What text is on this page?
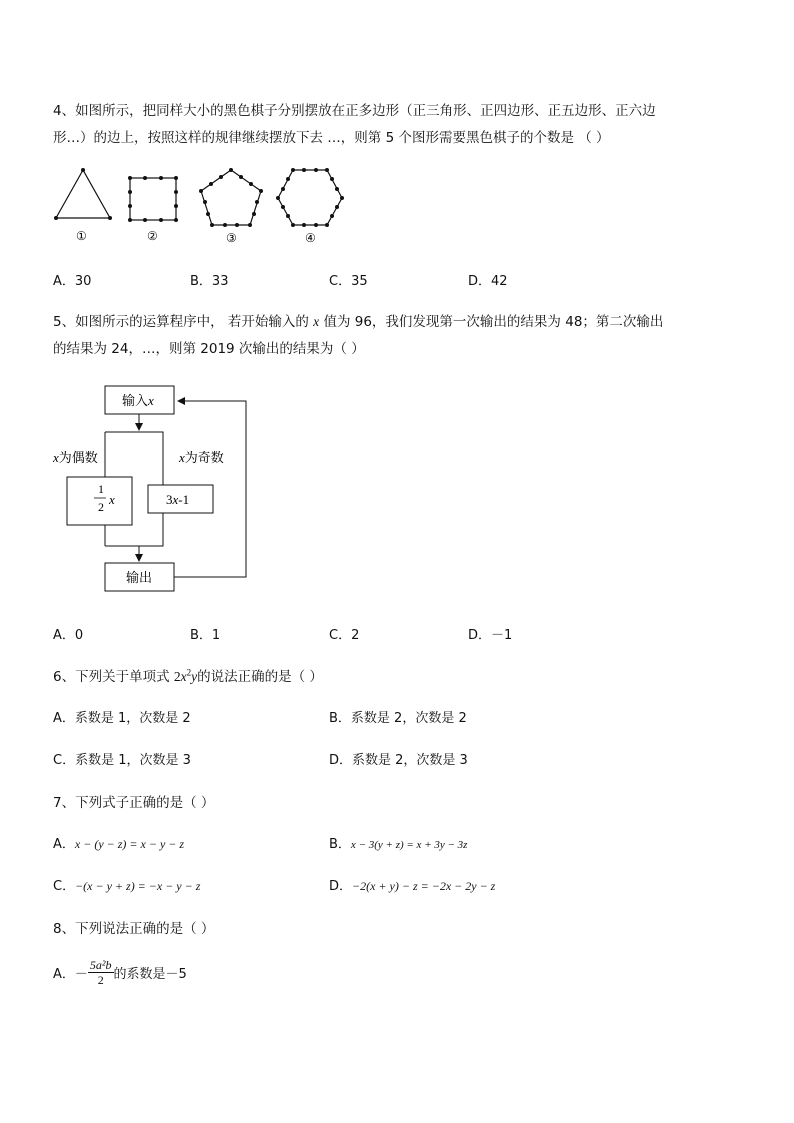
4、如图所示，把同样大小的黑色棋子分别摆放在正多边形（正三角形、正四边形、正五边形、正六边
形…）的边上，按照这样的规律继续摆放下去 …，则第 5 个图形需要黑色棋子的个数是 （ ）
①	②	③	④
A．30	B．33	C．35	D．42
5、如图所示的运算程序中， 若开始输入的 x 值为 96，我们发现第一次输出的结果为 48；第二次输出
的结果为 24，…，则第 2019 次输出的结果为（ ）
输入x
x为偶数	x为奇数
1
2 x	3x-1
输出
A．0	B．1	C．2	D．－1
6、下列关于单项式 $2x^2y$的说法正确的是（ ）
A．系数是 1，次数是 2	B．系数是 2，次数是 2
C．系数是 1，次数是 3	D．系数是 2，次数是 3
7、下列式子正确的是（ ）
A．x − (y − z) = x − y − z	B．x − 3(y + z) = x + 3y − 3z
C．−(x − y + z) = −x − y − z	D．−2(x + y) − z = −2x − 2y − z
8、下列说法正确的是（ ）
A．－ $\frac{\text{5a²b}}{2}$ 的系数是－5
